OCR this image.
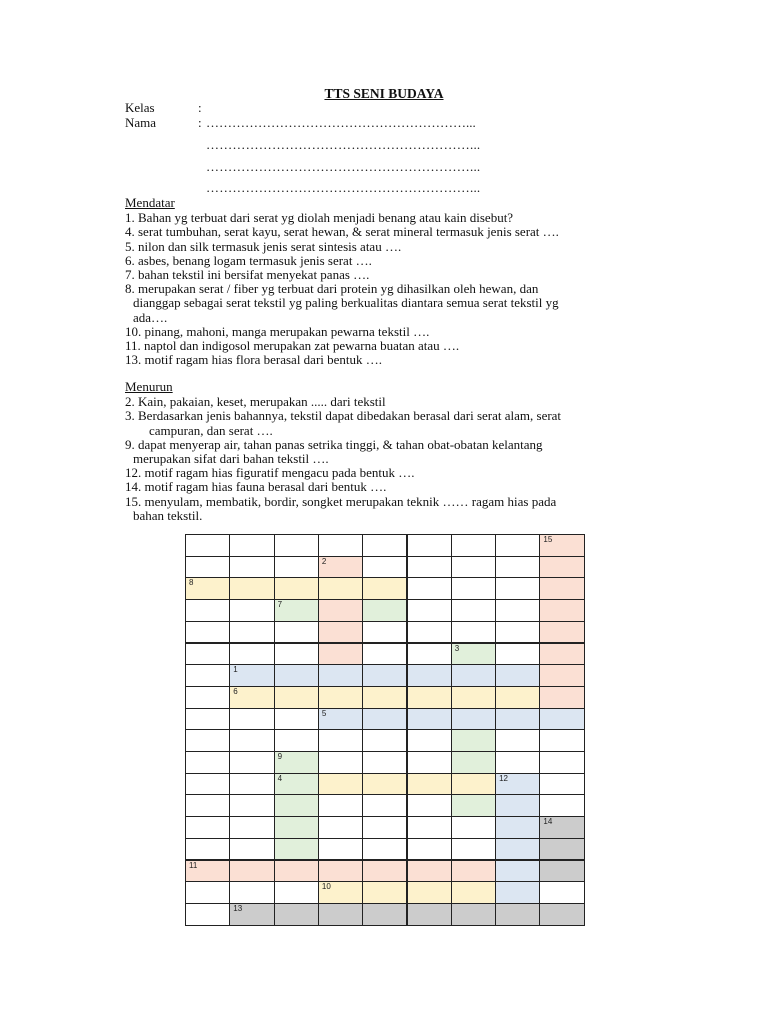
TTS SENI BUDAYA
Kelas	:
Nama	: ……………………………………………………...
……………………………………………………...
……………………………………………………...
……………………………………………………...
Mendatar
1. Bahan yg terbuat dari serat yg diolah menjadi benang atau kain disebut?
4. serat tumbuhan, serat kayu, serat hewan, & serat mineral termasuk jenis serat ….
5. nilon dan silk termasuk jenis serat sintesis atau ….
6. asbes, benang logam termasuk jenis serat ….
7. bahan tekstil ini bersifat menyekat panas ….
8. merupakan serat / fiber yg terbuat dari protein yg dihasilkan oleh hewan, dan
dianggap sebagai serat tekstil yg paling berkualitas diantara semua serat tekstil yg
ada….
10. pinang, mahoni, manga merupakan pewarna tekstil ….
11. naptol dan indigosol merupakan zat pewarna buatan atau ….
13. motif ragam hias flora berasal dari bentuk ….
Menurun
2. Kain, pakaian, keset, merupakan ..... dari tekstil
3. Berdasarkan jenis bahannya, tekstil dapat dibedakan berasal dari serat alam, serat
campuran, dan serat ….
9. dapat menyerap air, tahan panas setrika tinggi, & tahan obat-obatan kelantang
merupakan sifat dari bahan tekstil ….
12. motif ragam hias figuratif mengacu pada bentuk ….
14. motif ragam hias fauna berasal dari bentuk ….
15. menyulam, membatik, bordir, songket merupakan teknik …… ragam hias pada
bahan tekstil.
15
2
8
7
3
1
6
5
9
4	12
14
11
10
13
